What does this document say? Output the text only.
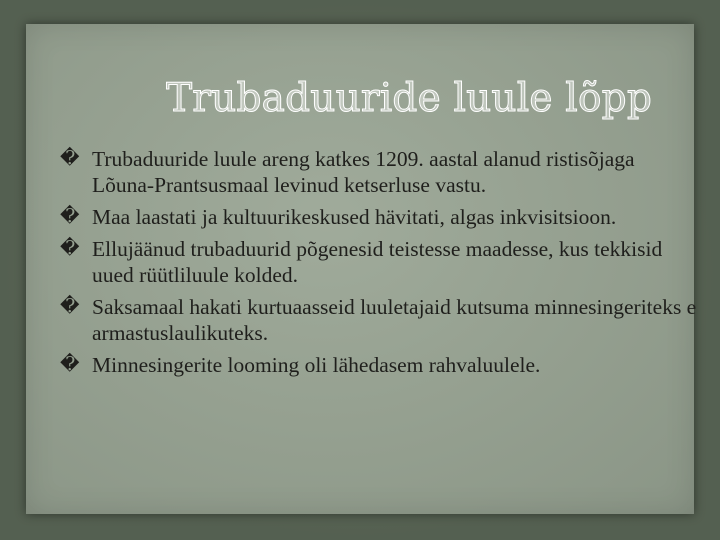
Trubaduuride luule lõpp
� Trubaduuride luule areng katkes 1209. aastal alanud ristisõjaga Lõuna-Prantsusmaal levinud ketserluse vastu.
� Maa laastati ja kultuurikeskused hävitati, algas inkvisitsioon.
� Ellujäänud trubaduurid põgenesid teistesse maadesse, kus tekkisid uued rüütliluule kolded.
� Saksamaal hakati kurtuaasseid luuletajaid kutsuma minnesingeriteks e armastuslaulikuteks.
� Minnesingerite looming oli lähedasem rahvaluulele.
